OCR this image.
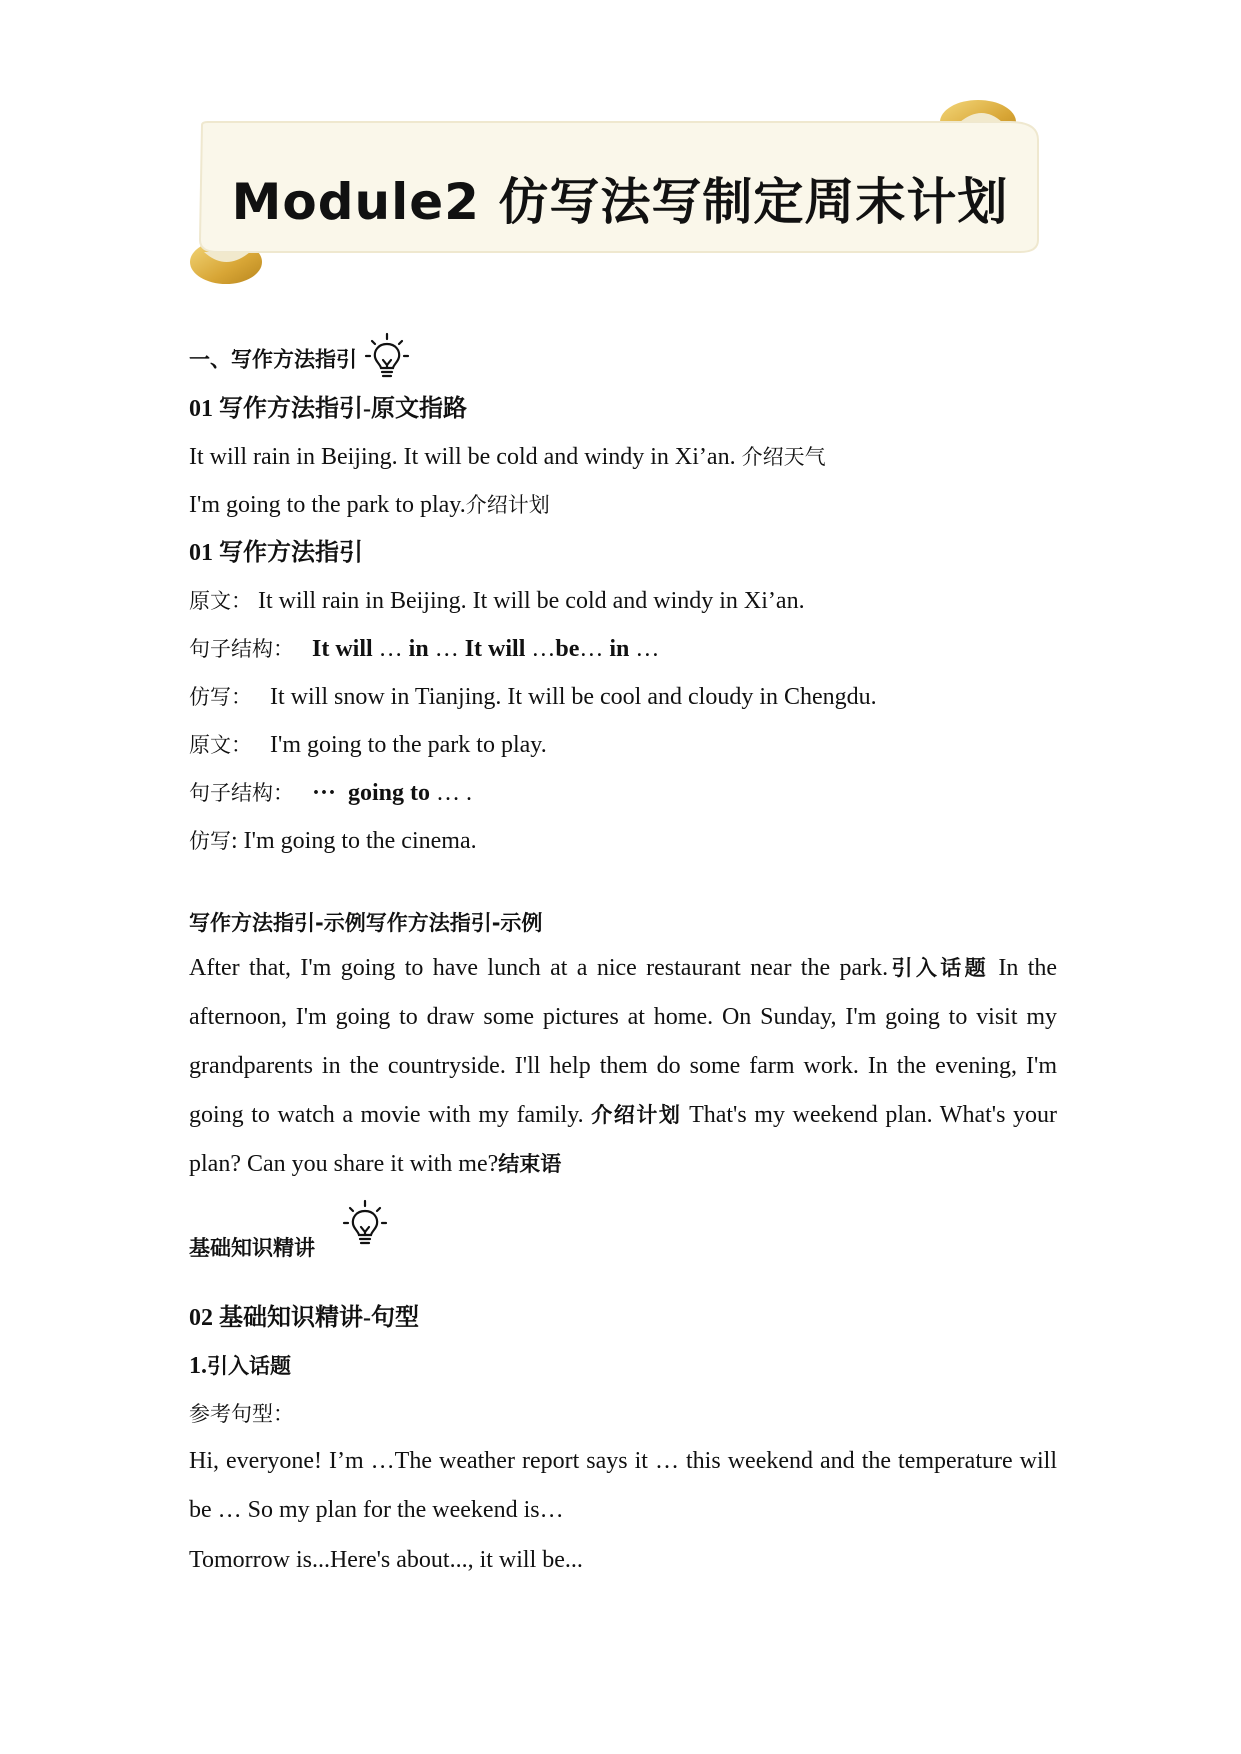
Module2 仿写法写制定周末计划
一、写作方法指引

01 写作方法指引-原文指路

It will rain in Beijing. It will be cold and windy in Xi’an. 介绍天气

I'm going to the park to play.介绍计划

01 写作方法指引

原文： It will rain in Beijing. It will be cold and windy in Xi’an.

句子结构： It will … in … It will …be… in …

仿写： It will snow in Tianjing. It will be cool and cloudy in Chengdu.

原文： I'm going to the park to play.

句子结构： ··· going to … .

仿写: I'm going to the cinema.

写作方法指引-示例写作方法指引-示例

After that, I'm going to have lunch at a nice restaurant near the park.引入话题 In the afternoon, I'm going to draw some pictures at home. On Sunday, I'm going to visit my grandparents in the countryside. I'll help them do some farm work. In the evening, I'm going to watch a movie with my family. 介绍计划 That's my weekend plan. What's your plan? Can you share it with me?结束语

基础知识精讲

02 基础知识精讲-句型

1.引入话题

参考句型：

Hi, everyone! I’m …The weather report says it … this weekend and the temperature will be … So my plan for the weekend is…

Tomorrow is...Here's about..., it will be...
